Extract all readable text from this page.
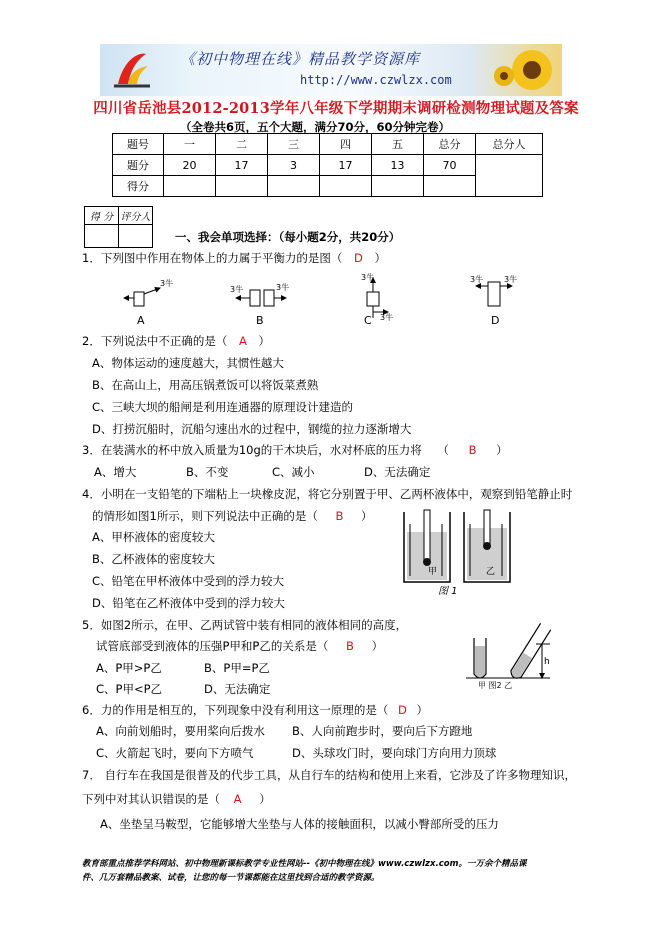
《初中物理在线》精品教学资源库
http://www.czwlzx.com
四川省岳池县2012-2013学年八年级下学期期末调研检测物理试题及答案
（全卷共6页，五个大题，满分70分，60分钟完卷）
题号	一	二	三	四	五	总分	总分人
题分	20	17	3	17	13	70	
得分							
得 分	评分人

一、我会单项选择：（每小题2分，共20分）
1．下列图中作用在物体上的力属于平衡力的是图（ D ）
3牛
A
3牛	3牛
B
3牛
3牛
C
3牛	3牛
D
2．下列说法中不正确的是（ A ）
A、物体运动的速度越大，其惯性越大
B、在高山上，用高压锅煮饭可以将饭菜煮熟
C、三峡大坝的船闸是利用连通器的原理设计建造的
D、打捞沉船时，沉船匀速出水的过程中，钢缆的拉力逐渐增大
3．在装满水的杯中放入质量为10g的干木块后，水对杯底的压力将 （ B ）
A、增大	B、不变	C、减小	D、无法确定
4．小明在一支铅笔的下端粘上一块橡皮泥，将它分别置于甲、乙两杯液体中，观察到铅笔静止时
的情形如图1所示，则下列说法中正确的是（ B ）
A、甲杯液体的密度较大
B、乙杯液体的密度较大
C、铅笔在甲杯液体中受到的浮力较大
D、铅笔在乙杯液体中受到的浮力较大
甲	乙
图 1
5．如图2所示，在甲、乙两试管中装有相同的液体相同的高度，
试管底部受到液体的压强P甲和P乙的关系是（ B ）
A、P甲>P乙	B、P甲=P乙
C、P甲<P乙	D、无法确定
h
甲 图2 乙
6．力的作用是相互的，下列现象中没有利用这一原理的是（ D ）
A、向前划船时，要用桨向后拨水 B、人向前跑步时，要向后下方蹬地
C、火箭起飞时，要向下方喷气	D、头球攻门时，要向球门方向用力顶球
7． 自行车在我国是很普及的代步工具，从自行车的结构和使用上来看，它涉及了许多物理知识，
下列中对其认识错误的是（ A ）
A、坐垫呈马鞍型，它能够增大坐垫与人体的接触面积，以减小臀部所受的压力
教育部重点推荐学科网站、初中物理新课标教学专业性网站--《初中物理在线》www.czwlzx.com。一万余个精品课
件、几万套精品教案、试卷，让您的每一节课都能在这里找到合适的教学资源。
